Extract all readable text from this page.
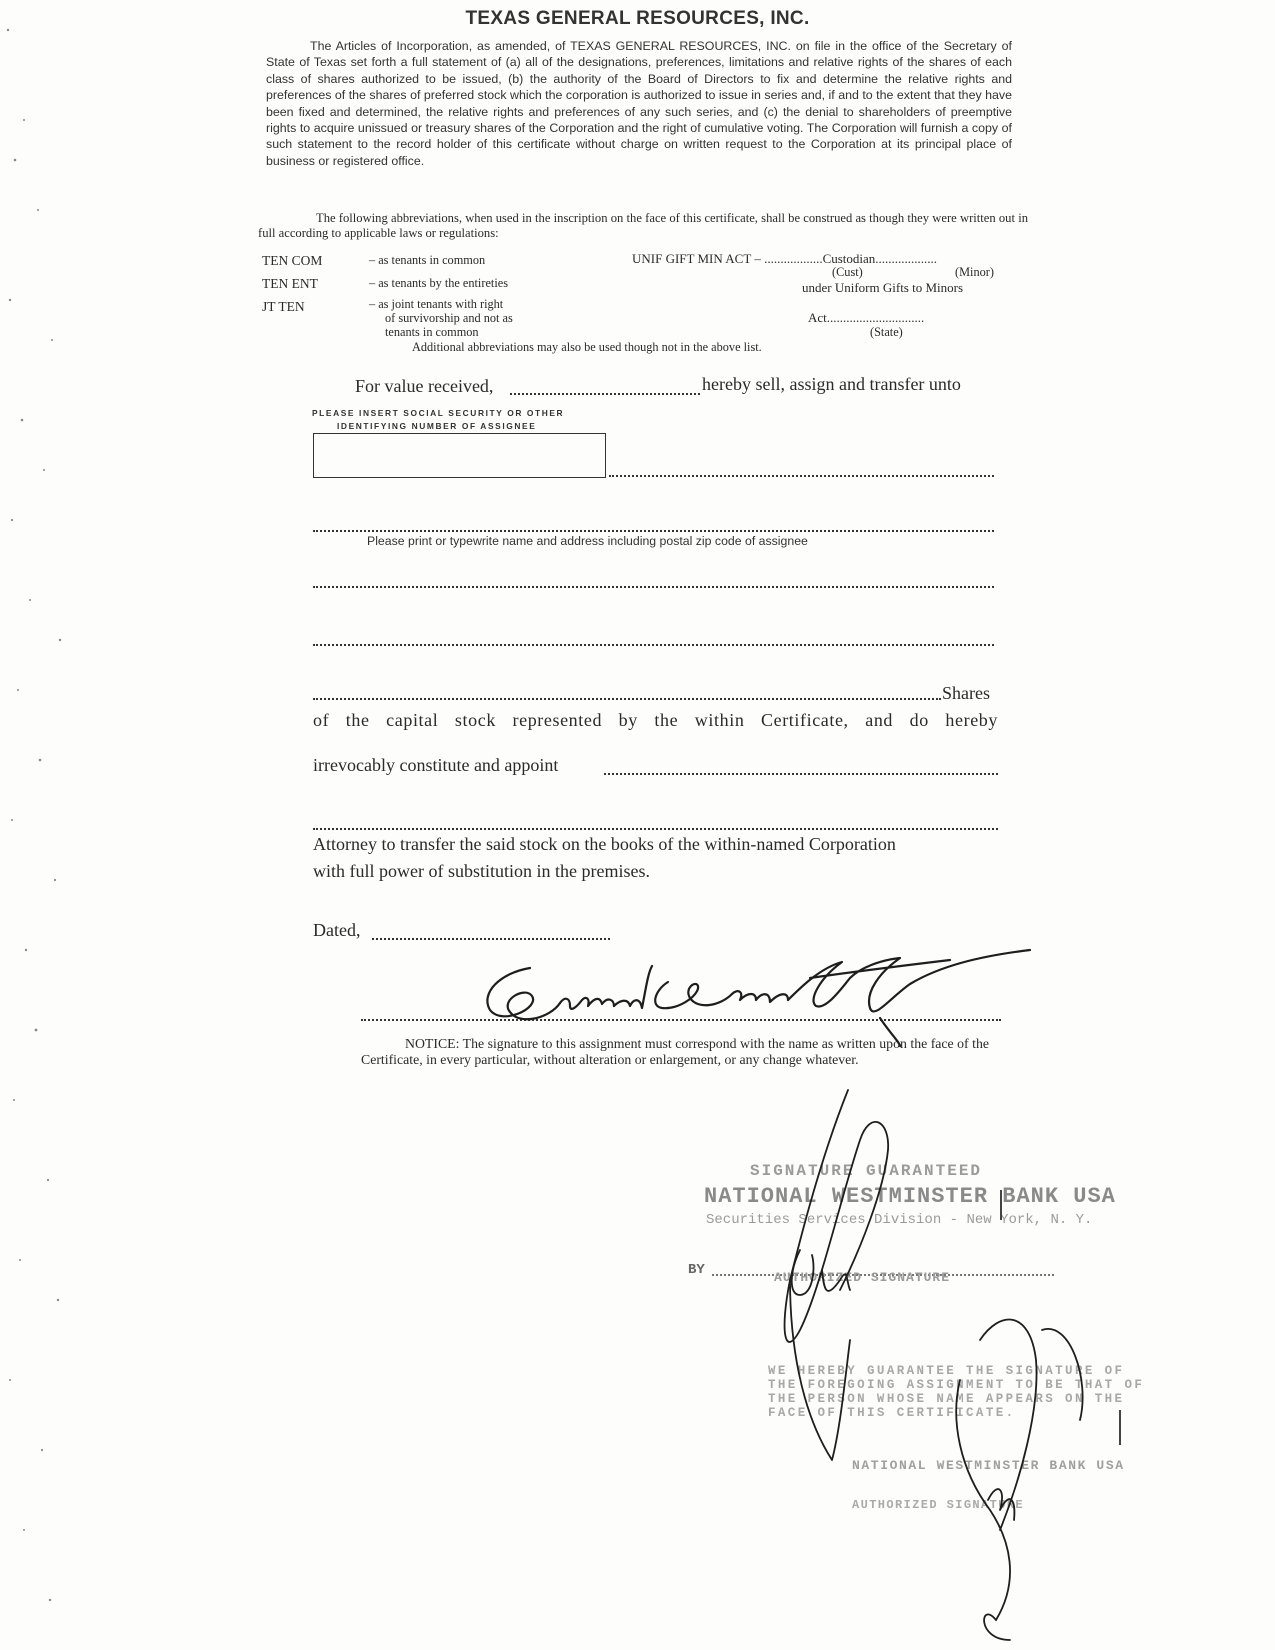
TEXAS GENERAL RESOURCES, INC.

The Articles of Incorporation, as amended, of TEXAS GENERAL RESOURCES, INC. on file in the office of the Secretary of State of Texas set forth a full statement of (a) all of the designations, preferences, limitations and relative rights of the shares of each class of shares authorized to be issued, (b) the authority of the Board of Directors to fix and determine the relative rights and preferences of the shares of preferred stock which the corporation is authorized to issue in series and, if and to the extent that they have been fixed and determined, the relative rights and preferences of any such series, and (c) the denial to shareholders of preemptive rights to acquire unissued or treasury shares of the Corporation and the right of cumulative voting. The Corporation will furnish a copy of such statement to the record holder of this certificate without charge on written request to the Corporation at its principal place of business or registered office.

The following abbreviations, when used in the inscription on the face of this certificate, shall be construed as though they were written out in full according to applicable laws or regulations:

TEN COM	– as tenants in common
TEN ENT	– as tenants by the entireties
JT TEN	– as joint tenants with right
of survivorship and not as
tenants in common
UNIF GIFT MIN ACT – ..................Custodian...................
(Cust)	(Minor)
under Uniform Gifts to Minors
Act..............................
(State)
Additional abbreviations may also be used though not in the above list.
For value received,	hereby sell, assign and transfer unto
PLEASE INSERT SOCIAL SECURITY OR OTHER
IDENTIFYING NUMBER OF ASSIGNEE
Please print or typewrite name and address including postal zip code of assignee
Shares
of the capital stock represented by the within Certificate, and do hereby
irrevocably constitute and appoint
Attorney to transfer the said stock on the books of the within-named Corporation
with full power of substitution in the premises.
Dated,

NOTICE: The signature to this assignment must correspond with the name as written upon the face of the Certificate, in every particular, without alteration or enlargement, or any change whatever.

SIGNATURE GUARANTEED
NATIONAL WESTMINSTER BANK USA
Securities Services Division - New York, N. Y.
BY	AUTHORIZED SIGNATURE
WE HEREBY GUARANTEE THE SIGNATURE OF
THE FOREGOING ASSIGNMENT TO BE THAT OF
THE PERSON WHOSE NAME APPEARS ON THE
FACE OF THIS CERTIFICATE.
NATIONAL WESTMINSTER BANK USA
AUTHORIZED SIGNATURE
